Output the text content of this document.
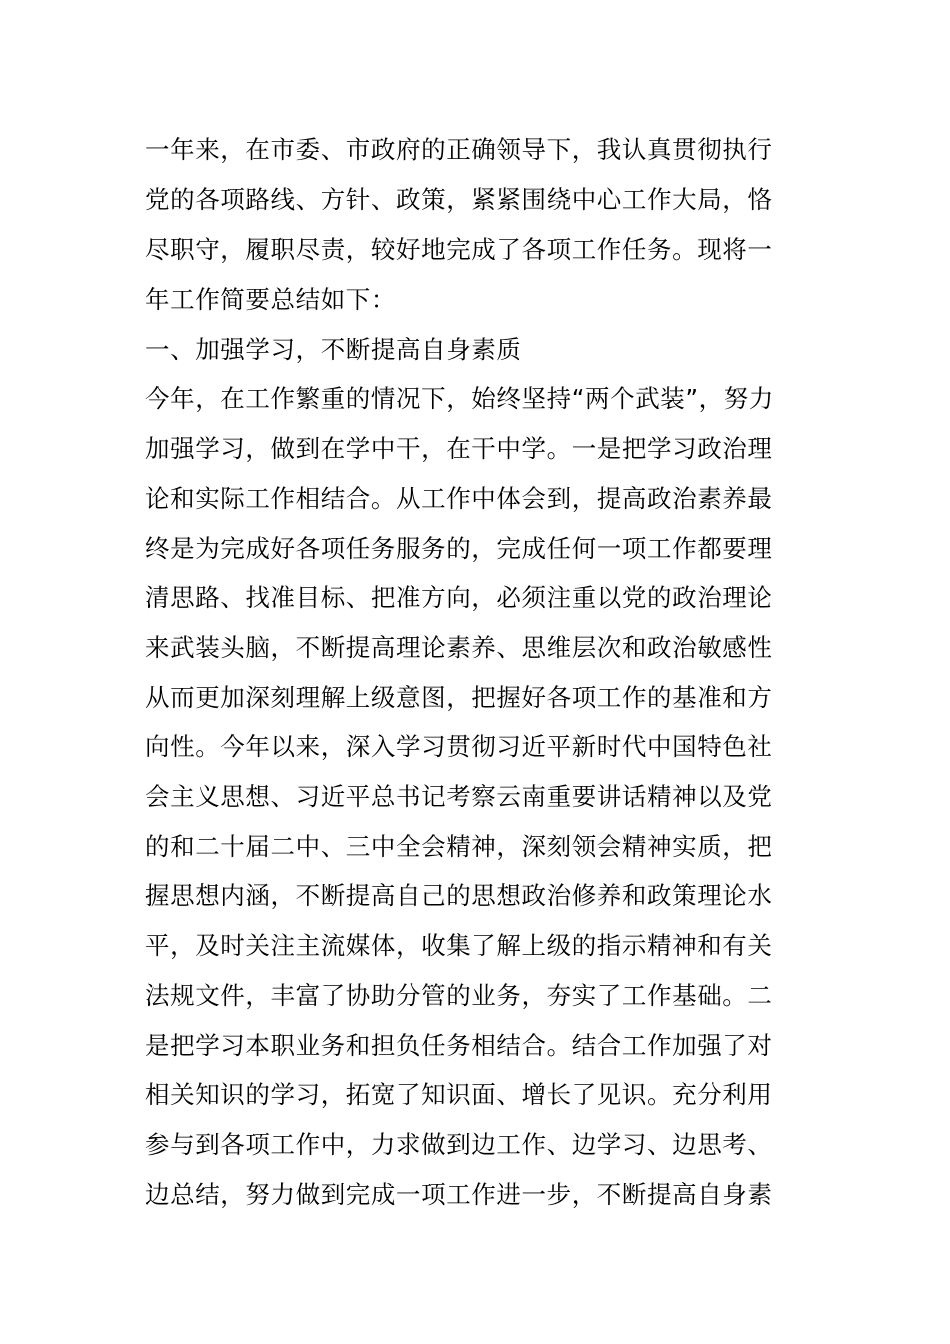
一年来，在市委、市政府的正确领导下，我认真贯彻执行
党的各项路线、方针、政策，紧紧围绕中心工作大局，恪
尽职守，履职尽责，较好地完成了各项工作任务。现将一
年工作简要总结如下：
一、加强学习，不断提高自身素质
今年，在工作繁重的情况下，始终坚持“两个武装”，努力
加强学习，做到在学中干，在干中学。一是把学习政治理
论和实际工作相结合。从工作中体会到，提高政治素养最
终是为完成好各项任务服务的，完成任何一项工作都要理
清思路、找准目标、把准方向，必须注重以党的政治理论
来武装头脑，不断提高理论素养、思维层次和政治敏感性
从而更加深刻理解上级意图，把握好各项工作的基准和方
向性。今年以来，深入学习贯彻习近平新时代中国特色社
会主义思想、习近平总书记考察云南重要讲话精神以及党
的和二十届二中、三中全会精神，深刻领会精神实质，把
握思想内涵，不断提高自己的思想政治修养和政策理论水
平，及时关注主流媒体，收集了解上级的指示精神和有关
法规文件，丰富了协助分管的业务，夯实了工作基础。二
是把学习本职业务和担负任务相结合。结合工作加强了对
相关知识的学习，拓宽了知识面、增长了见识。充分利用
参与到各项工作中，力求做到边工作、边学习、边思考、
边总结，努力做到完成一项工作进一步，不断提高自身素
